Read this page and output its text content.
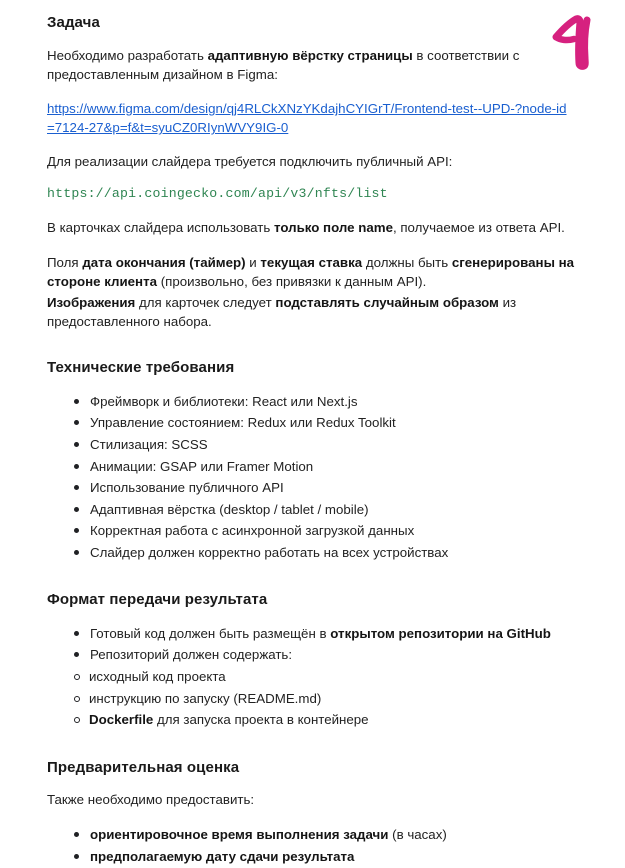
Задача

Необходимо разработать адаптивную вёрстку страницы в соответствии с предоставленным дизайном в Figma:

https://www.figma.com/design/qj4RLCkXNzYKdajhCYIGrT/Frontend-test--UPD-?node-id=7124-27&p=f&t=syuCZ0RIynWVY9IG-0

Для реализации слайдера требуется подключить публичный API:

https://api.coingecko.com/api/v3/nfts/list

В карточках слайдера использовать только поле name, получаемое из ответа API.

Поля дата окончания (таймер) и текущая ставка должны быть сгенерированы на стороне клиента (произвольно, без привязки к данным API).

Изображения для карточек следует подставлять случайным образом из предоставленного набора.

Технические требования
Фреймворк и библиотеки: React или Next.js
Управление состоянием: Redux или Redux Toolkit
Стилизация: SCSS
Анимации: GSAP или Framer Motion
Использование публичного API
Адаптивная вёрстка (desktop / tablet / mobile)
Корректная работа с асинхронной загрузкой данных
Слайдер должен корректно работать на всех устройствах
Формат передачи результата
Готовый код должен быть размещён в открытом репозитории на GitHub
Репозиторий должен содержать:
исходный код проекта
инструкцию по запуску (README.md)
Dockerfile для запуска проекта в контейнере
Предварительная оценка

Также необходимо предоставить:

ориентировочное время выполнения задачи (в часах)
предполагаемую дату сдачи результата
